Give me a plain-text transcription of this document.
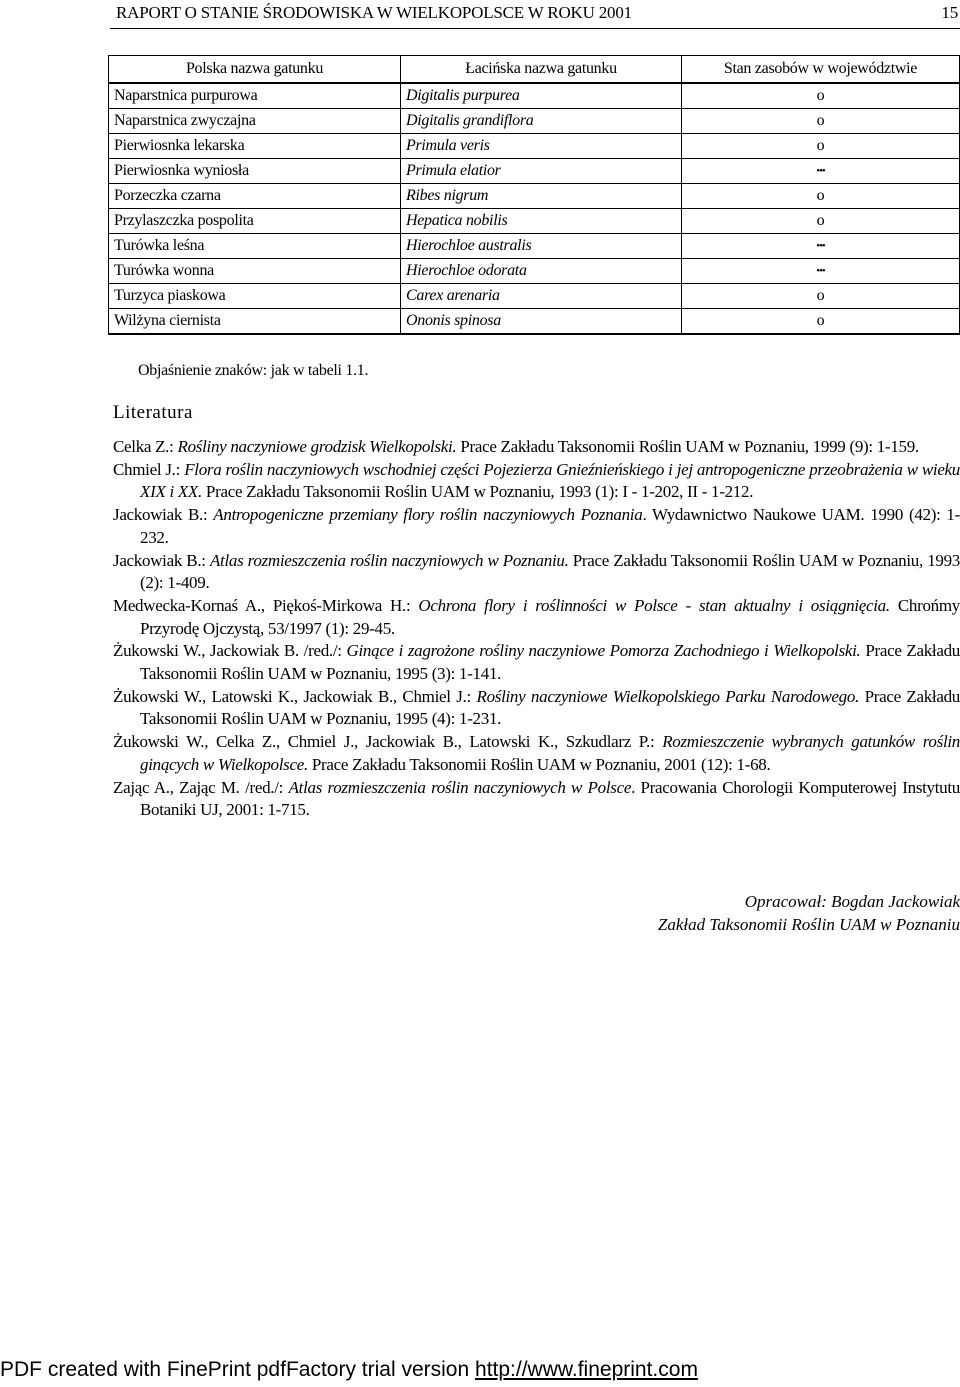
RAPORT O STANIE ŚRODOWISKA W WIELKOPOLSCE W ROKU 2001	15
Polska nazwa gatunku	Łacińska nazwa gatunku	Stan zasobów w województwie
Naparstnica purpurowa	Digitalis purpurea	o
Naparstnica zwyczajna	Digitalis grandiflora	o
Pierwiosnka lekarska	Primula veris	o
Pierwiosnka wyniosła	Primula elatior	•••
Porzeczka czarna	Ribes nigrum	o
Przylaszczka pospolita	Hepatica nobilis	o
Turówka leśna	Hierochloe australis	•••
Turówka wonna	Hierochloe odorata	•••
Turzyca piaskowa	Carex arenaria	o
Wilżyna ciernista	Ononis spinosa	o
Objaśnienie znaków: jak w tabeli 1.1.
Literatura
Celka Z.: Rośliny naczyniowe grodzisk Wielkopolski. Prace Zakładu Taksonomii Roślin UAM w Poznaniu, 1999 (9): 1-159.
Chmiel J.: Flora roślin naczyniowych wschodniej części Pojezierza Gnieźnieńskiego i jej antropogeniczne przeobrażenia w wieku XIX i XX. Prace Zakładu Taksonomii Roślin UAM w Poznaniu, 1993 (1): I - 1-202, II - 1-212.
Jackowiak B.: Antropogeniczne przemiany flory roślin naczyniowych Poznania. Wydawnictwo Naukowe UAM. 1990 (42): 1-232.
Jackowiak B.: Atlas rozmieszczenia roślin naczyniowych w Poznaniu. Prace Zakładu Taksonomii Roślin UAM w Poznaniu, 1993 (2): 1-409.
Medwecka-Kornaś A., Piękoś-Mirkowa H.: Ochrona flory i roślinności w Polsce - stan aktualny i osiągnięcia. Chrońmy Przyrodę Ojczystą, 53/1997 (1): 29-45.
Żukowski W., Jackowiak B. /red./: Ginące i zagrożone rośliny naczyniowe Pomorza Zachodniego i Wielkopolski. Prace Zakładu Taksonomii Roślin UAM w Poznaniu, 1995 (3): 1-141.
Żukowski W., Latowski K., Jackowiak B., Chmiel J.: Rośliny naczyniowe Wielkopolskiego Parku Narodowego. Prace Zakładu Taksonomii Roślin UAM w Poznaniu, 1995 (4): 1-231.
Żukowski W., Celka Z., Chmiel J., Jackowiak B., Latowski K., Szkudlarz P.: Rozmieszczenie wybranych gatunków roślin ginących w Wielkopolsce. Prace Zakładu Taksonomii Roślin UAM w Poznaniu, 2001 (12): 1-68.
Zając A., Zając M. /red./: Atlas rozmieszczenia roślin naczyniowych w Polsce. Pracowania Chorologii Komputerowej Instytutu Botaniki UJ, 2001: 1-715.
Opracował: Bogdan Jackowiak
Zakład Taksonomii Roślin UAM w Poznaniu
PDF created with FinePrint pdfFactory trial version http://www.fineprint.com
